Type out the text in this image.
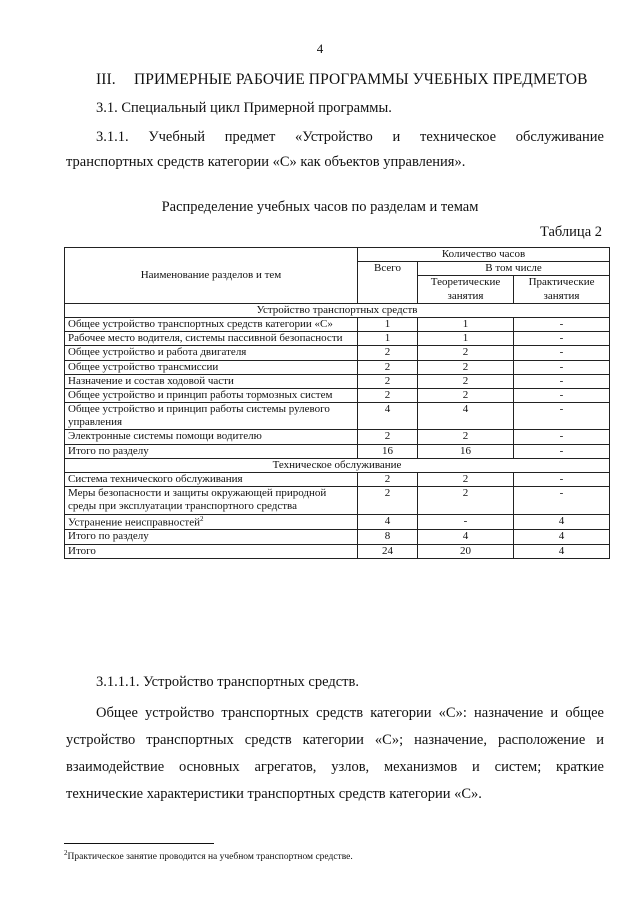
4
III. ПРИМЕРНЫЕ РАБОЧИЕ ПРОГРАММЫ УЧЕБНЫХ ПРЕДМЕТОВ
3.1. Специальный цикл Примерной программы.
3.1.1. Учебный предмет «Устройство и техническое обслуживание
транспортных средств категории «С» как объектов управления».
Распределение учебных часов по разделам и темам
Таблица 2
Наименование разделов и тем	Количество часов		
	Всего	В том числе	
		Теоретические занятия	Практические занятия
Устройство транспортных средств			
Общее устройство транспортных средств категории «С»	1	1	-
Рабочее место водителя, системы пассивной безопасности	1	1	-
Общее устройство и работа двигателя	2	2	-
Общее устройство трансмиссии	2	2	-
Назначение и состав ходовой части	2	2	-
Общее устройство и принцип работы тормозных систем	2	2	-
Общее устройство и принцип работы системы рулевого управления	4	4	-
Электронные системы помощи водителю	2	2	-
Итого по разделу	16	16	-
Техническое обслуживание			
Система технического обслуживания	2	2	-
Меры безопасности и защиты окружающей природной среды при эксплуатации транспортного средства	2	2	-
Устранение неисправностей$^2$	4	-	4
Итого по разделу	8	4	4
Итого	24	20	4
3.1.1.1. Устройство транспортных средств.
Общее устройство транспортных средств категории «С»: назначение и общее устройство транспортных средств категории «С»; назначение, расположение и взаимодействие основных агрегатов, узлов, механизмов и систем; краткие технические характеристики транспортных средств категории «С».
$^2$Практическое занятие проводится на учебном транспортном средстве.
